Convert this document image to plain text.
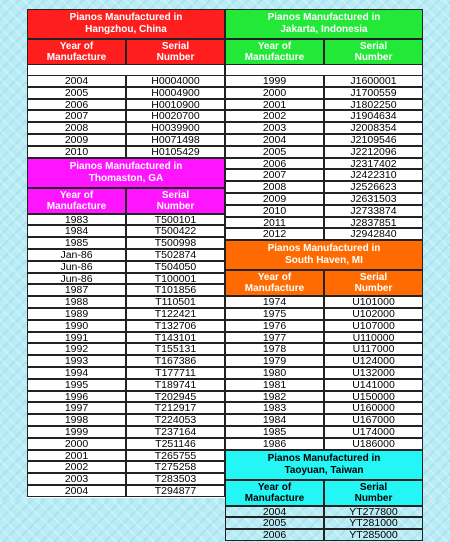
Pianos Manufactured in
Hangzhou, China
Year of
Manufacture
Serial
Number
2004	H0004000
2005	H0004900
2006	H0010900
2007	H0020700
2008	H0039900
2009	H0071498
2010	H0105429
Pianos Manufactured in
Thomaston, GA
Year of
Manufacture
Serial
Number
1983	T500101
1984	T500422
1985	T500998
Jan-86	T502874
Jun-86	T504050
Jun-86	T100001
1987	T101856
1988	T110501
1989	T122421
1990	T132706
1991	T143101
1992	T155131
1993	T167386
1994	T177711
1995	T189741
1996	T202945
1997	T212917
1998	T224053
1999	T237164
2000	T251146
2001	T265755
2002	T275258
2003	T283503
2004	T294877
Pianos Manufactured in
Jakarta, Indonesia
Year of
Manufacture
Serial
Number
1999	J1600001
2000	J1700559
2001	J1802250
2002	J1904634
2003	J2008354
2004	J2109546
2005	J2212096
2006	J2317402
2007	J2422310
2008	J2526623
2009	J2631503
2010	J2733874
2011	J2837851
2012	J2942840
Pianos Manufactured in
South Haven, MI
Year of
Manufacture
Serial
Number
1974	U101000
1975	U102000
1976	U107000
1977	U110000
1978	U117000
1979	U124000
1980	U132000
1981	U141000
1982	U150000
1983	U160000
1984	U167000
1985	U174000
1986	U186000
Pianos Manufactured in
Taoyuan, Taiwan
Year of
Manufacture
Serial
Number
2004	YT277800
2005	YT281000
2006	YT285000
